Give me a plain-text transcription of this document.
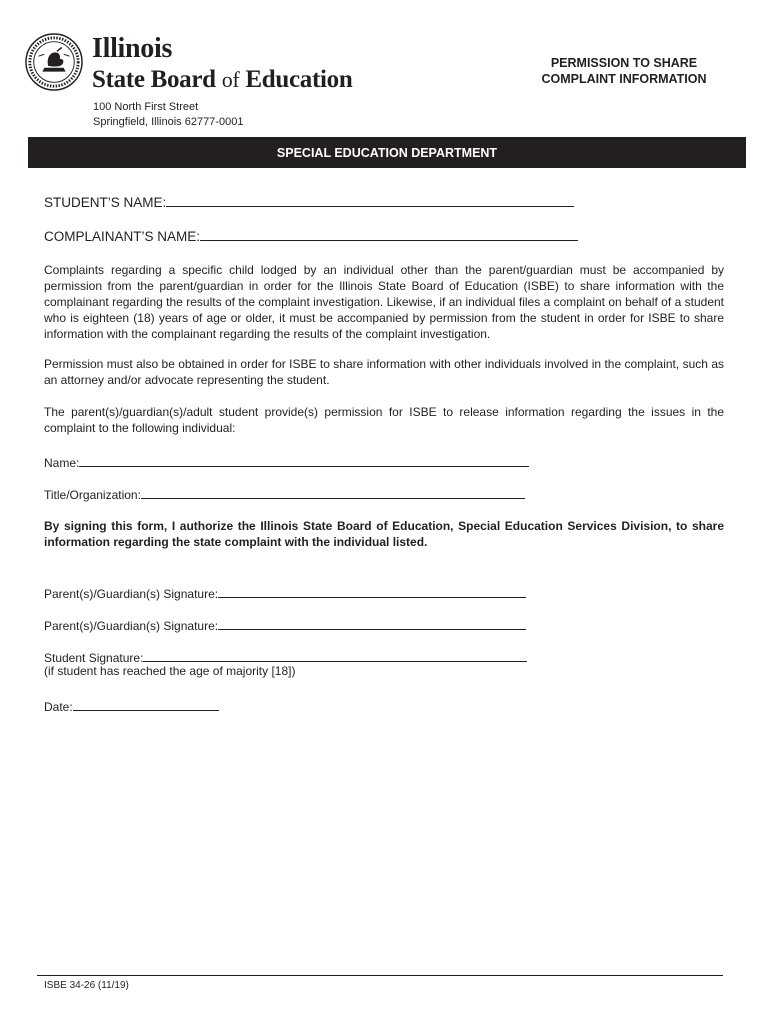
Illinois
State Board of Education
100 North First Street
Springfield, Illinois 62777-0001
PERMISSION TO SHARE
COMPLAINT INFORMATION
SPECIAL EDUCATION DEPARTMENT
STUDENT’S NAME:
COMPLAINANT’S NAME:
Complaints regarding a specific child lodged by an individual other than the parent/guardian must be accompanied by permission from the parent/guardian in order for the Illinois State Board of Education (ISBE) to share information with the complainant regarding the results of the complaint investigation. Likewise, if an individual files a complaint on behalf of a student who is eighteen (18) years of age or older, it must be accompanied by permission from the student in order for ISBE to share information with the complainant regarding the results of the complaint investigation.
Permission must also be obtained in order for ISBE to share information with other individuals involved in the complaint, such as an attorney and/or advocate representing the student.
The parent(s)/guardian(s)/adult student provide(s) permission for ISBE to release information regarding the issues in the complaint to the following individual:
Name:
Title/Organization:
By signing this form, I authorize the Illinois State Board of Education, Special Education Services Division, to share information regarding the state complaint with the individual listed.
Parent(s)/Guardian(s) Signature:
Parent(s)/Guardian(s) Signature:
Student Signature:
(if student has reached the age of majority [18])
Date:
ISBE 34-26 (11/19)
